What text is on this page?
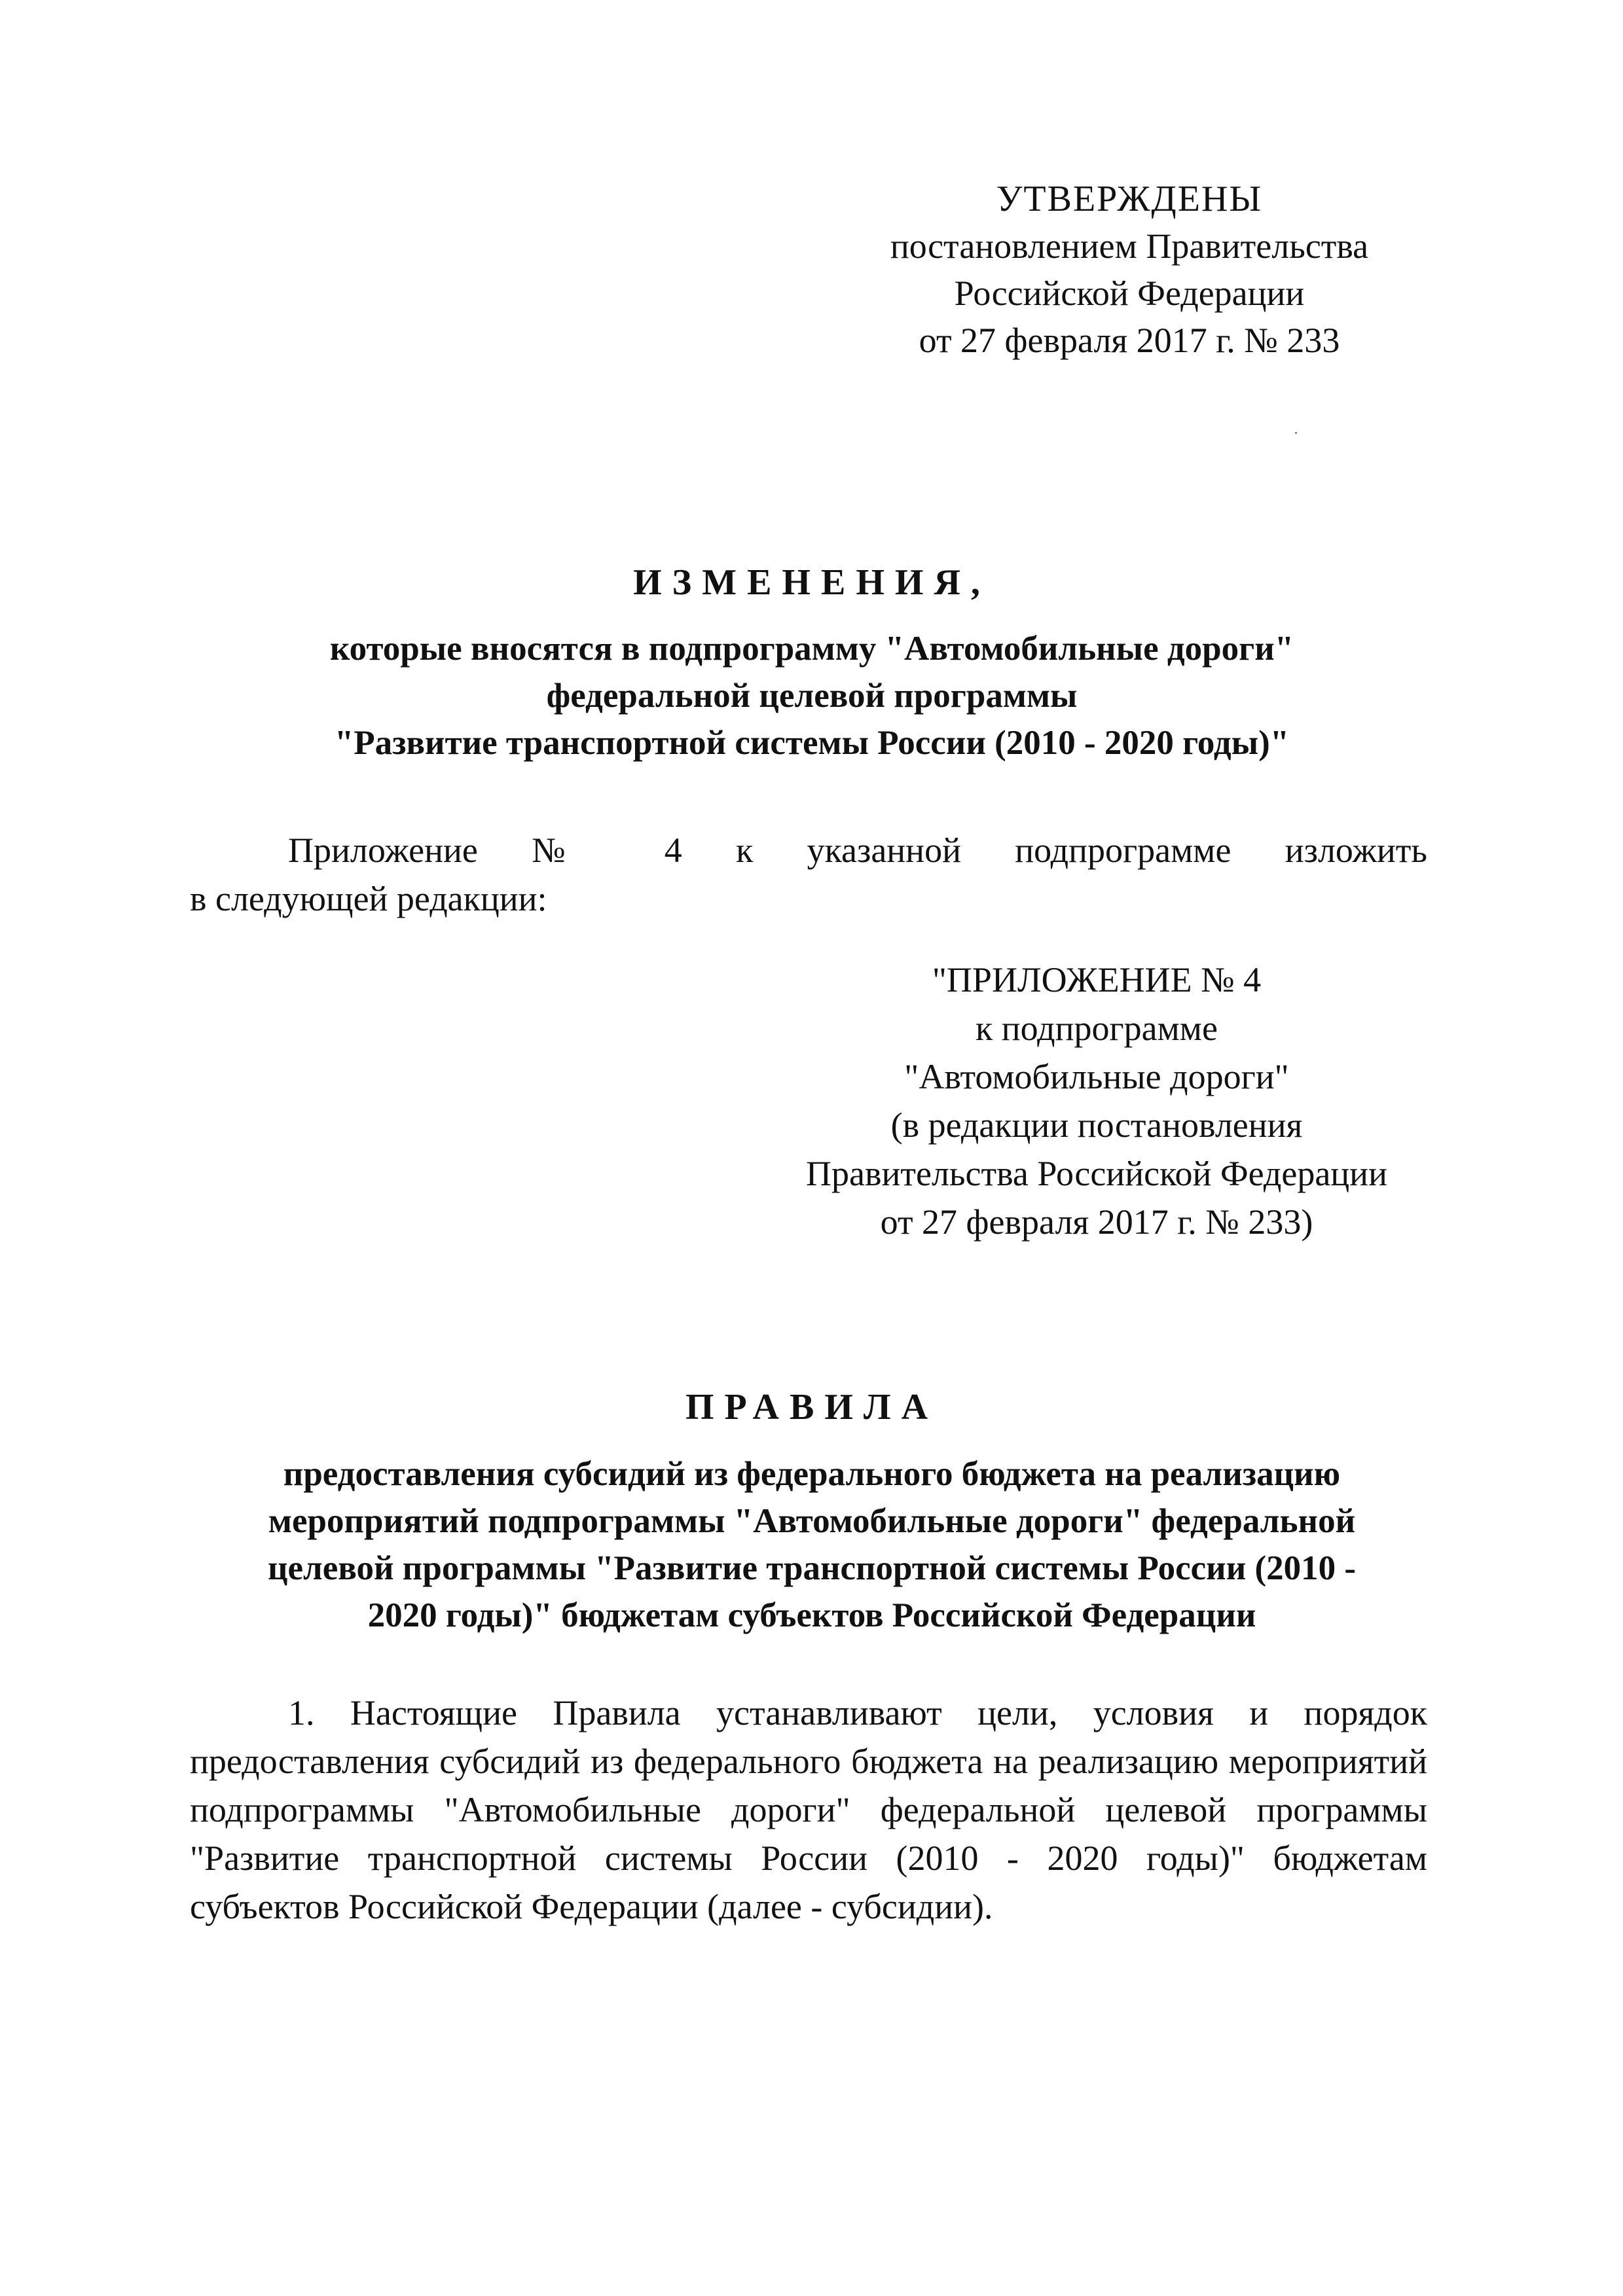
УТВЕРЖДЕНЫ
постановлением Правительства
Российской Федерации
от 27 февраля 2017 г. № 233
ИЗМЕНЕНИЯ,
которые вносятся в подпрограмму "Автомобильные дороги"
федеральной целевой программы
"Развитие транспортной системы России (2010 - 2020 годы)"
Приложение № 4 к указанной подпрограмме изложить
в следующей редакции:
"ПРИЛОЖЕНИЕ № 4
к подпрограмме
"Автомобильные дороги"
(в редакции постановления
Правительства Российской Федерации
от 27 февраля 2017 г. № 233)
ПРАВИЛА
предоставления субсидий из федерального бюджета на реализацию
мероприятий подпрограммы "Автомобильные дороги" федеральной
целевой программы "Развитие транспортной системы России (2010 -
2020 годы)" бюджетам субъектов Российской Федерации
1. Настоящие Правила устанавливают цели, условия и порядок предоставления субсидий из федерального бюджета на реализацию мероприятий подпрограммы "Автомобильные дороги" федеральной целевой программы "Развитие транспортной системы России (2010 - 2020 годы)" бюджетам субъектов Российской Федерации (далее - субсидии).
